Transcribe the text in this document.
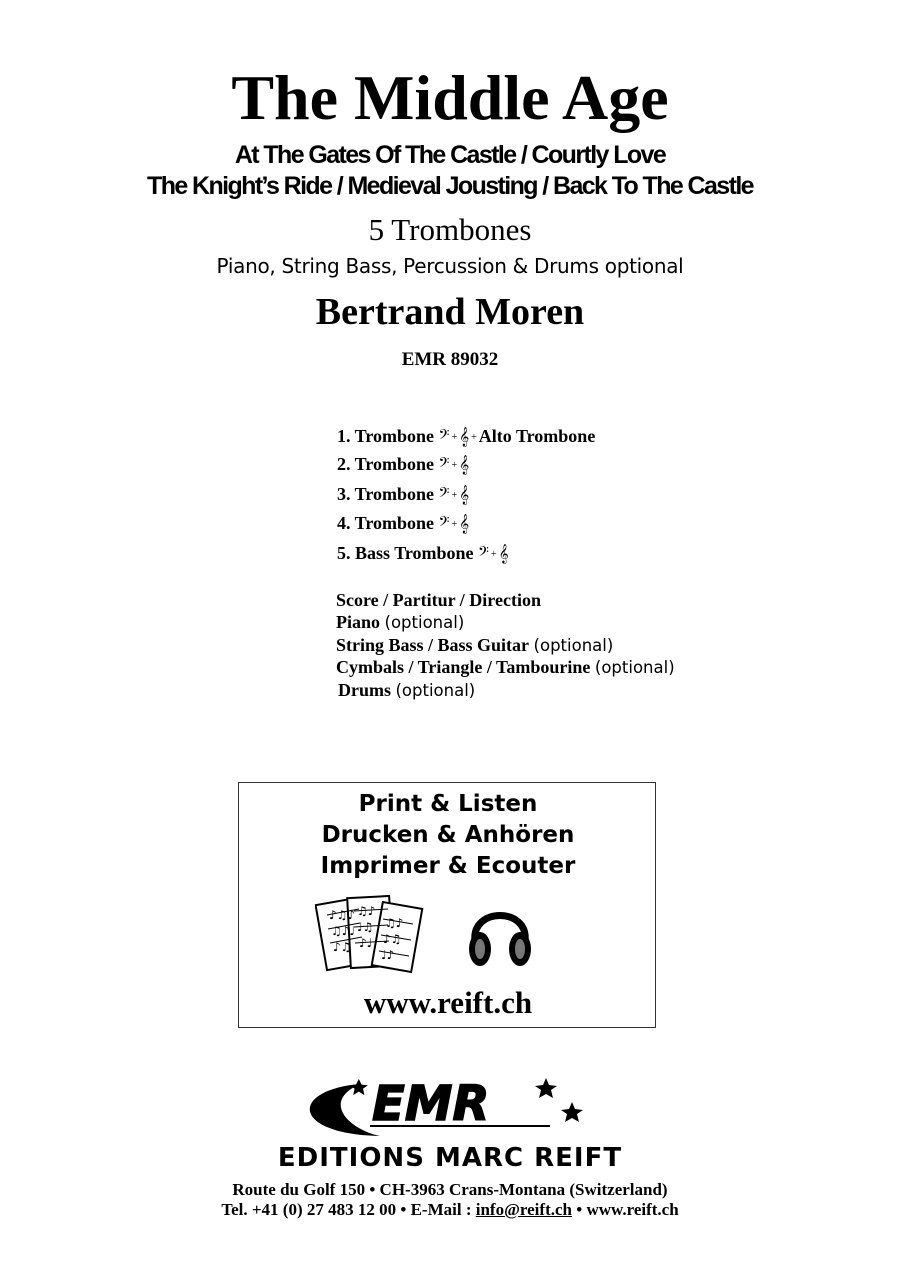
The Middle Age
At The Gates Of The Castle / Courtly Love
The Knight’s Ride / Medieval Jousting / Back To The Castle
5 Trombones
Piano, String Bass, Percussion & Drums optional
Bertrand Moren
EMR 89032
1. Trombone 𝄢 + 𝄞 + Alto Trombone
2. Trombone 𝄢 + 𝄞
3. Trombone 𝄢 + 𝄞
4. Trombone 𝄢 + 𝄞
5. Bass Trombone 𝄢 + 𝄞
Score / Partitur / Direction
Piano (optional)
String Bass / Bass Guitar (optional)
Cymbals / Triangle / Tambourine (optional)
Drums (optional)
Print & Listen
Drucken & Anhören
Imprimer & Ecouter
♪♫♪
♫♪♩
♪♫
♫♪
♩♫
♪♩
♫♪
♪♫
♩♪
www.reift.ch
EMR
EDITIONS MARC REIFT
Route du Golf 150 • CH-3963 Crans-Montana (Switzerland)
Tel. +41 (0) 27 483 12 00 • E-Mail : info@reift.ch • www.reift.ch
